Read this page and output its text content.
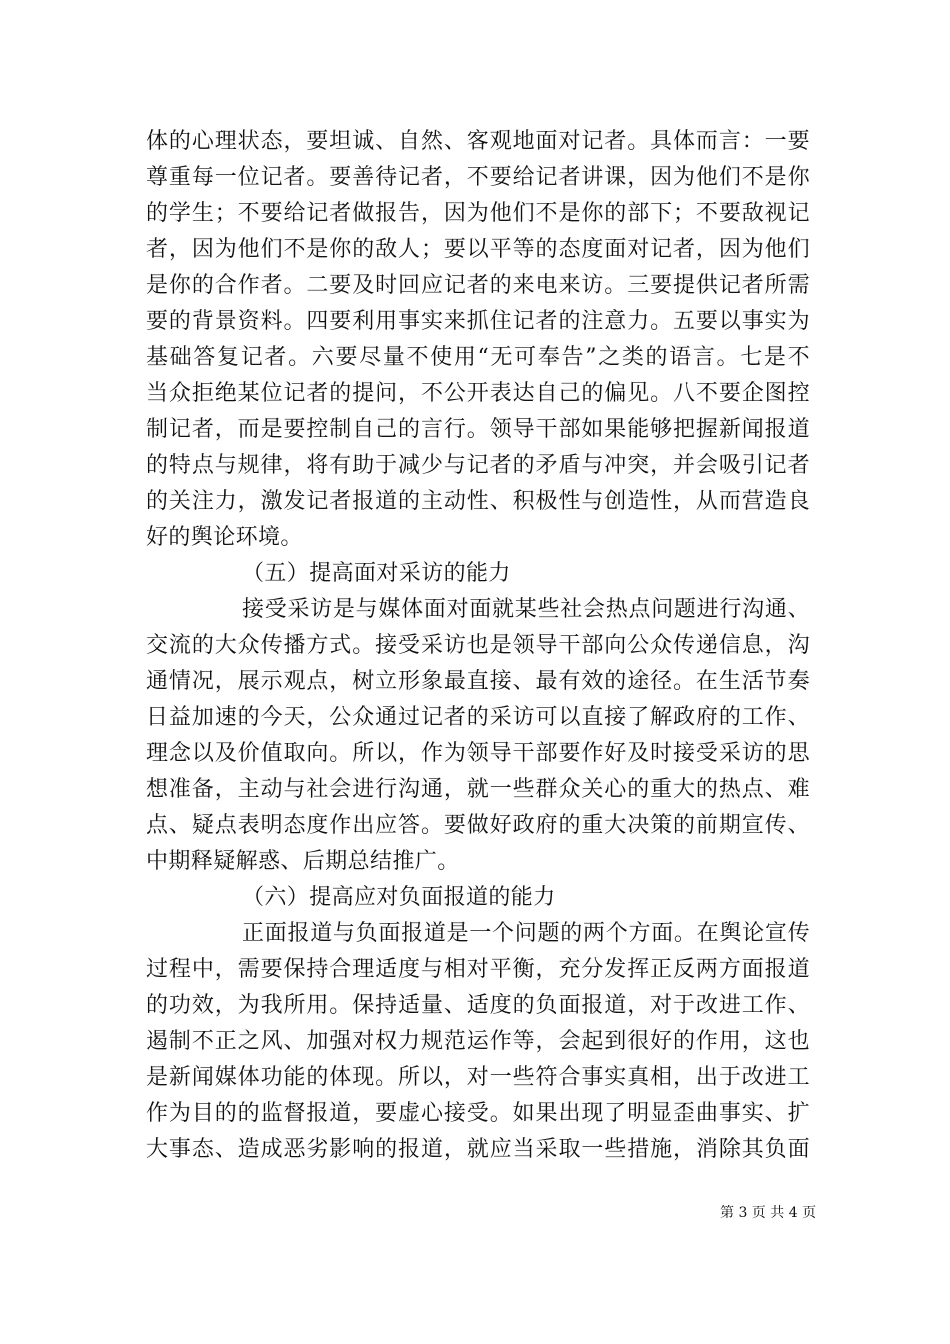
体的心理状态，要坦诚、自然、客观地面对记者。具体而言：一要
尊重每一位记者。要善待记者，不要给记者讲课，因为他们不是你
的学生；不要给记者做报告，因为他们不是你的部下；不要敌视记
者，因为他们不是你的敌人；要以平等的态度面对记者，因为他们
是你的合作者。二要及时回应记者的来电来访。三要提供记者所需
要的背景资料。四要利用事实来抓住记者的注意力。五要以事实为
基础答复记者。六要尽量不使用“无可奉告”之类的语言。七是不
当众拒绝某位记者的提问，不公开表达自己的偏见。八不要企图控
制记者，而是要控制自己的言行。领导干部如果能够把握新闻报道
的特点与规律，将有助于减少与记者的矛盾与冲突，并会吸引记者
的关注力，激发记者报道的主动性、积极性与创造性，从而营造良
好的舆论环境。
（五）提高面对采访的能力
接受采访是与媒体面对面就某些社会热点问题进行沟通、
交流的大众传播方式。接受采访也是领导干部向公众传递信息，沟
通情况，展示观点，树立形象最直接、最有效的途径。在生活节奏
日益加速的今天，公众通过记者的采访可以直接了解政府的工作、
理念以及价值取向。所以，作为领导干部要作好及时接受采访的思
想准备，主动与社会进行沟通，就一些群众关心的重大的热点、难
点、疑点表明态度作出应答。要做好政府的重大决策的前期宣传、
中期释疑解惑、后期总结推广。
（六）提高应对负面报道的能力
正面报道与负面报道是一个问题的两个方面。在舆论宣传
过程中，需要保持合理适度与相对平衡，充分发挥正反两方面报道
的功效，为我所用。保持适量、适度的负面报道，对于改进工作、
遏制不正之风、加强对权力规范运作等，会起到很好的作用，这也
是新闻媒体功能的体现。所以，对一些符合事实真相，出于改进工
作为目的的监督报道，要虚心接受。如果出现了明显歪曲事实、扩
大事态、造成恶劣影响的报道，就应当采取一些措施，消除其负面
第 3 页 共 4 页
